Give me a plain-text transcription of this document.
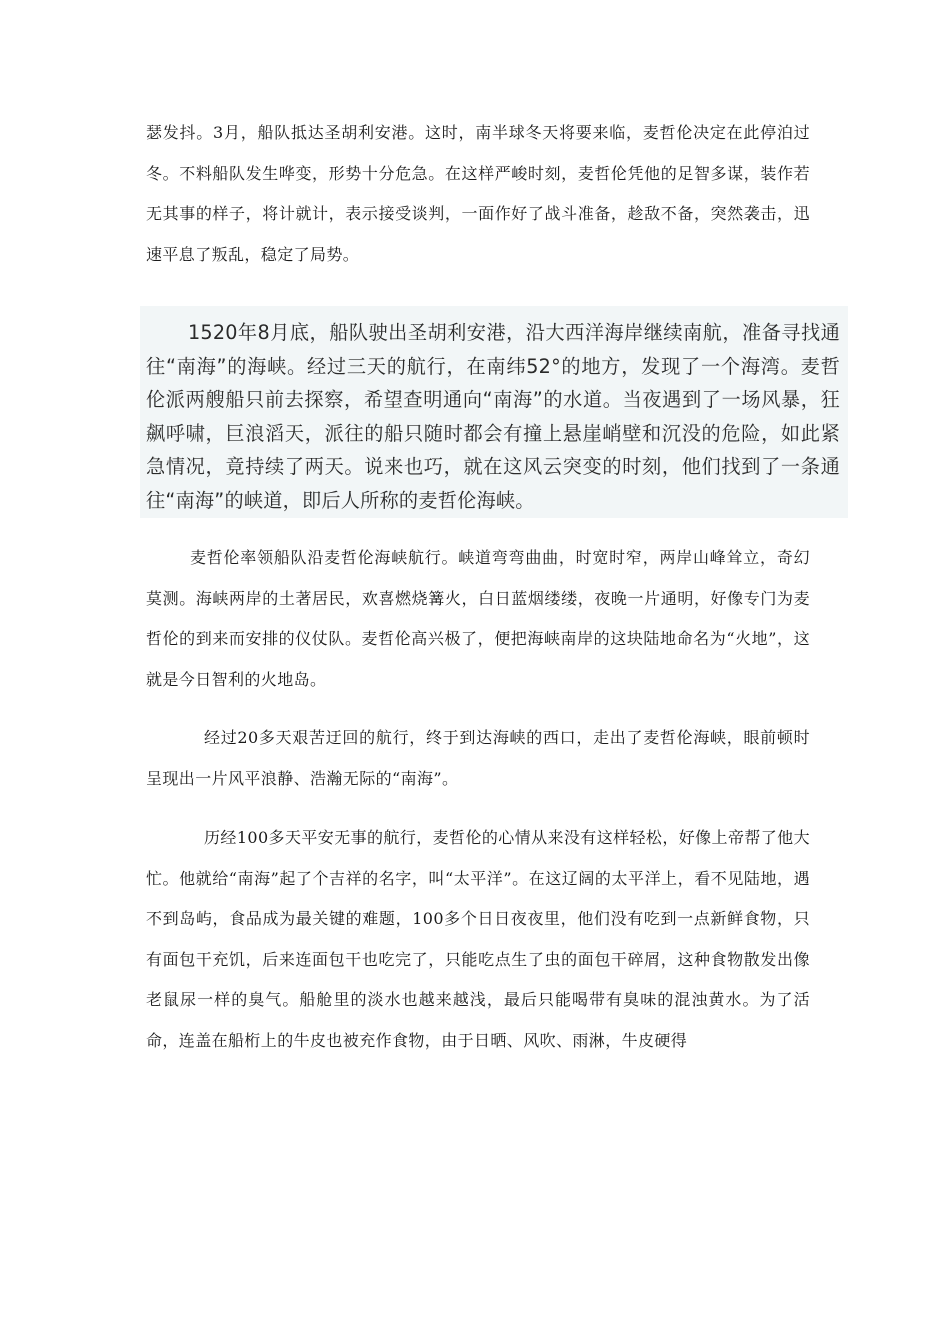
瑟发抖。3月，船队抵达圣胡利安港。这时，南半球冬天将要来临，麦哲伦决定在此停泊过冬。不料船队发生哗变，形势十分危急。在这样严峻时刻，麦哲伦凭他的足智多谋，装作若无其事的样子，将计就计，表示接受谈判，一面作好了战斗准备，趁敌不备，突然袭击，迅速平息了叛乱，稳定了局势。

1520年8月底，船队驶出圣胡利安港，沿大西洋海岸继续南航，准备寻找通往“南海”的海峡。经过三天的航行，在南纬52°的地方，发现了一个海湾。麦哲伦派两艘船只前去探察，希望查明通向“南海”的水道。当夜遇到了一场风暴，狂飙呼啸，巨浪滔天，派往的船只随时都会有撞上悬崖峭壁和沉没的危险，如此紧急情况，竟持续了两天。说来也巧，就在这风云突变的时刻，他们找到了一条通往“南海”的峡道，即后人所称的麦哲伦海峡。

麦哲伦率领船队沿麦哲伦海峡航行。峡道弯弯曲曲，时宽时窄，两岸山峰耸立，奇幻莫测。海峡两岸的土著居民，欢喜燃烧篝火，白日蓝烟缕缕，夜晚一片通明，好像专门为麦哲伦的到来而安排的仪仗队。麦哲伦高兴极了，便把海峡南岸的这块陆地命名为“火地”，这就是今日智利的火地岛。

经过20多天艰苦迂回的航行，终于到达海峡的西口，走出了麦哲伦海峡，眼前顿时呈现出一片风平浪静、浩瀚无际的“南海”。

历经100多天平安无事的航行，麦哲伦的心情从来没有这样轻松，好像上帝帮了他大忙。他就给“南海”起了个吉祥的名字，叫“太平洋”。在这辽阔的太平洋上，看不见陆地，遇不到岛屿，食品成为最关键的难题，100多个日日夜夜里，他们没有吃到一点新鲜食物，只有面包干充饥，后来连面包干也吃完了，只能吃点生了虫的面包干碎屑，这种食物散发出像老鼠尿一样的臭气。船舱里的淡水也越来越浅，最后只能喝带有臭味的混浊黄水。为了活命，连盖在船桁上的牛皮也被充作食物，由于日晒、风吹、雨淋，牛皮硬得
